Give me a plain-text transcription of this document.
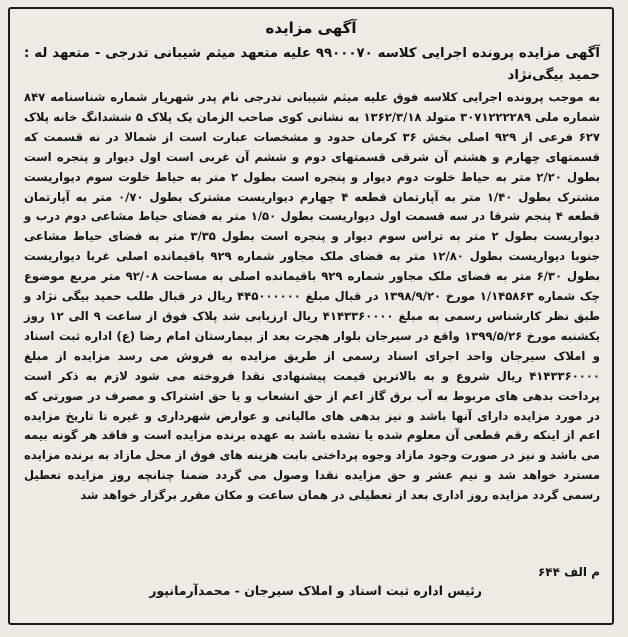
آگهی مزایده
آگهی مزایده پرونده اجرایی کلاسه ۹۹۰۰۰۷۰ علیه متعهد میثم شیبانی تدرجی - متعهد له : حمید بیگی‌نژاد
به موجب پرونده اجرایی کلاسه فوق علیه میثم شیبانی تدرجی نام پدر شهریار شماره شناسنامه ۸۴۷ شماره ملی ۳۰۷۱۲۲۲۲۸۹ متولد ۱۳۶۲/۳/۱۸ به نشانی کوی صاحب الزمان یک پلاک ۵ ششدانگ خانه پلاک ۶۲۷ فرعی از ۹۲۹ اصلی بخش ۳۶ کرمان حدود و مشخصات عبارت است از شمالا در نه قسمت که قسمتهای چهارم و هشتم آن شرقی قسمتهای دوم و ششم آن غربی است اول دیوار و پنجره است بطول ۲/۲۰ متر به حیاط خلوت دوم دیوار و پنجره است بطول ۲ متر به حیاط خلوت سوم دیواریست مشترک بطول ۱/۴۰ متر به آپارتمان قطعه ۴ چهارم دیواریست مشترک بطول ۰/۷۰ متر به آپارتمان قطعه ۴ پنجم شرقا در سه قسمت اول دیواریست بطول ۱/۵۰ متر به فضای حیاط مشاعی دوم درب و دیواریست بطول ۲ متر به تراس سوم دیوار و پنجره است بطول ۳/۳۵ متر به فضای حیاط مشاعی جنوبا دیواریست بطول ۱۲/۸۰ متر به فضای ملک مجاور شماره ۹۲۹ باقیمانده اصلی غربا دیواریست بطول ۶/۳۰ متر به فضای ملک مجاور شماره ۹۲۹ باقیمانده اصلی به مساحت ۹۲/۰۸ متر مربع موضوع چک شماره ۱/۱۴۵۸۶۳ مورخ ۱۳۹۸/۹/۲۰ در قبال مبلغ ۴۴۵۰۰۰۰۰۰ ریال در قبال طلب حمید بیگی نژاد و طبق نظر کارشناس رسمی به مبلغ ۴۱۴۳۳۶۰۰۰۰ ریال ارزیابی شد پلاک فوق از ساعت ۹ الی ۱۲ روز یکشنبه مورخ ۱۳۹۹/۵/۲۶ واقع در سیرجان بلوار هجرت بعد از بیمارستان امام رضا (ع) اداره ثبت اسناد و املاک سیرجان واحد اجرای اسناد رسمی از طریق مزایده به فروش می رسد مزایده از مبلغ ۴۱۴۳۳۶۰۰۰۰ ریال شروع و به بالاترین قیمت پیشنهادی نقدا فروخته می شود لازم به ذکر است پرداخت بدهی های مربوط به آب برق گاز اعم از حق انشعاب و یا حق اشتراک و مصرف در صورتی که در مورد مزایده دارای آنها باشد و نیز بدهی های مالیاتی و عوارض شهرداری و غیره تا تاریخ مزایده اعم از اینکه رقم قطعی آن معلوم شده یا نشده باشد به عهده برنده مزایده است و فاقد هر گونه بیمه می باشد و نیز در صورت وجود مازاد وجوه پرداختی بابت هزینه های فوق از محل مازاد به برنده مزایده مسترد خواهد شد و نیم عشر و حق مزایده نقدا وصول می گردد ضمنا چنانچه روز مزایده تعطیل رسمی گردد مزایده روز اداری بعد از تعطیلی در همان ساعت و مکان مقرر برگزار خواهد شد
م الف ۶۴۴
رئیس اداره ثبت اسناد و املاک سیرجان - محمدآرمانپور
